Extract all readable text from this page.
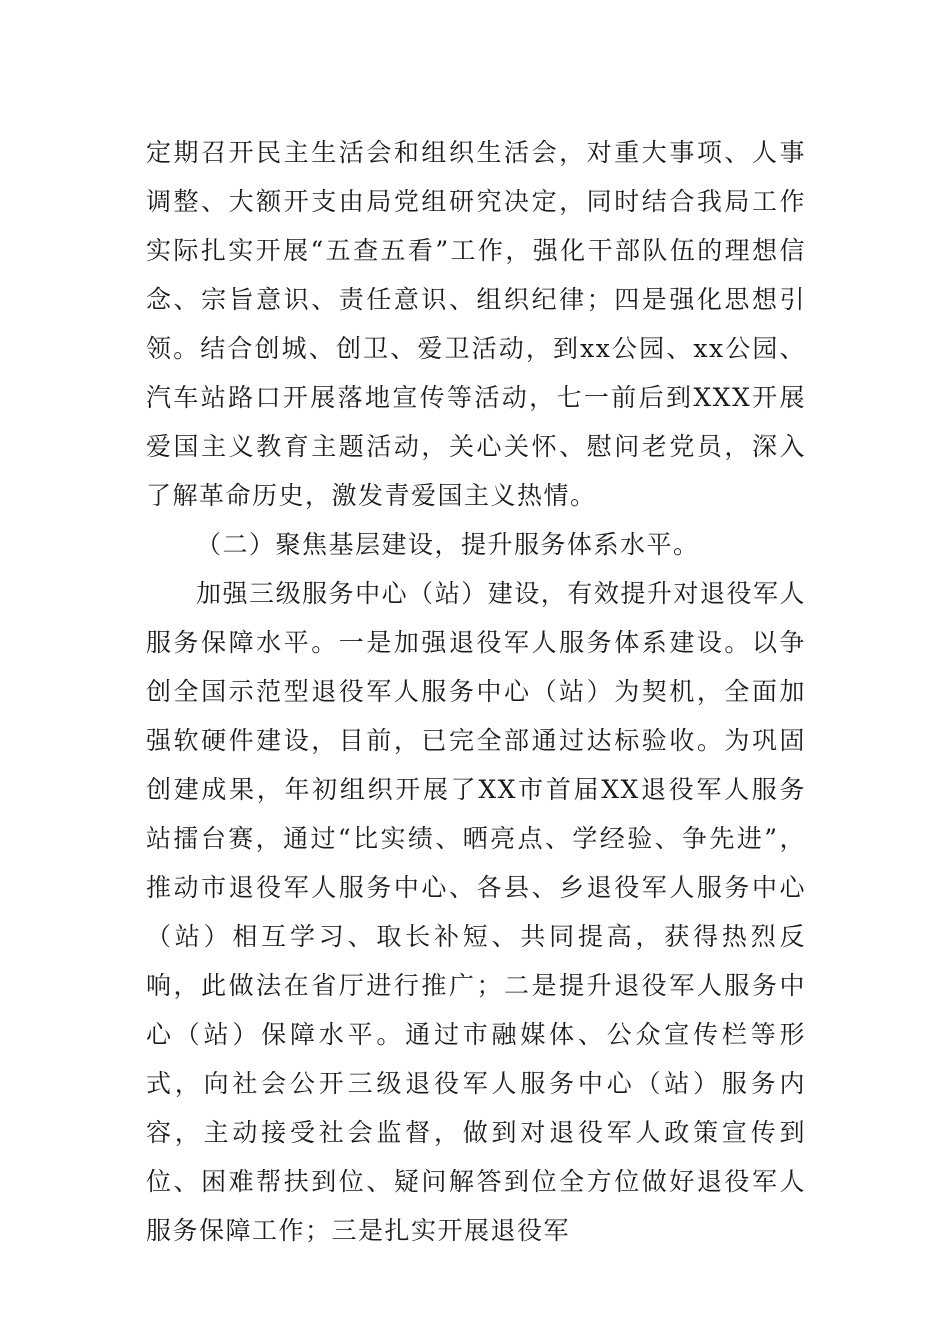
定期召开民主生活会和组织生活会，对重大事项、人事调整、大额开支由局党组研究决定，同时结合我局工作实际扎实开展“五查五看”工作，强化干部队伍的理想信念、宗旨意识、责任意识、组织纪律；四是强化思想引领。结合创城、创卫、爱卫活动，到xx公园、xx公园、汽车站路口开展落地宣传等活动，七一前后到XXX开展爱国主义教育主题活动，关心关怀、慰问老党员，深入了解革命历史，激发青爱国主义热情。

（二）聚焦基层建设，提升服务体系水平。

加强三级服务中心（站）建设，有效提升对退役军人服务保障水平。一是加强退役军人服务体系建设。以争创全国示范型退役军人服务中心（站）为契机，全面加强软硬件建设，目前，已完全部通过达标验收。为巩固创建成果，年初组织开展了XX市首届XX退役军人服务站擂台赛，通过“比实绩、晒亮点、学经验、争先进”，推动市退役军人服务中心、各县、乡退役军人服务中心（站）相互学习、取长补短、共同提高，获得热烈反响，此做法在省厅进行推广；二是提升退役军人服务中心（站）保障水平。通过市融媒体、公众宣传栏等形式，向社会公开三级退役军人服务中心（站）服务内容，主动接受社会监督，做到对退役军人政策宣传到位、困难帮扶到位、疑问解答到位全方位做好退役军人服务保障工作；三是扎实开展退役军
